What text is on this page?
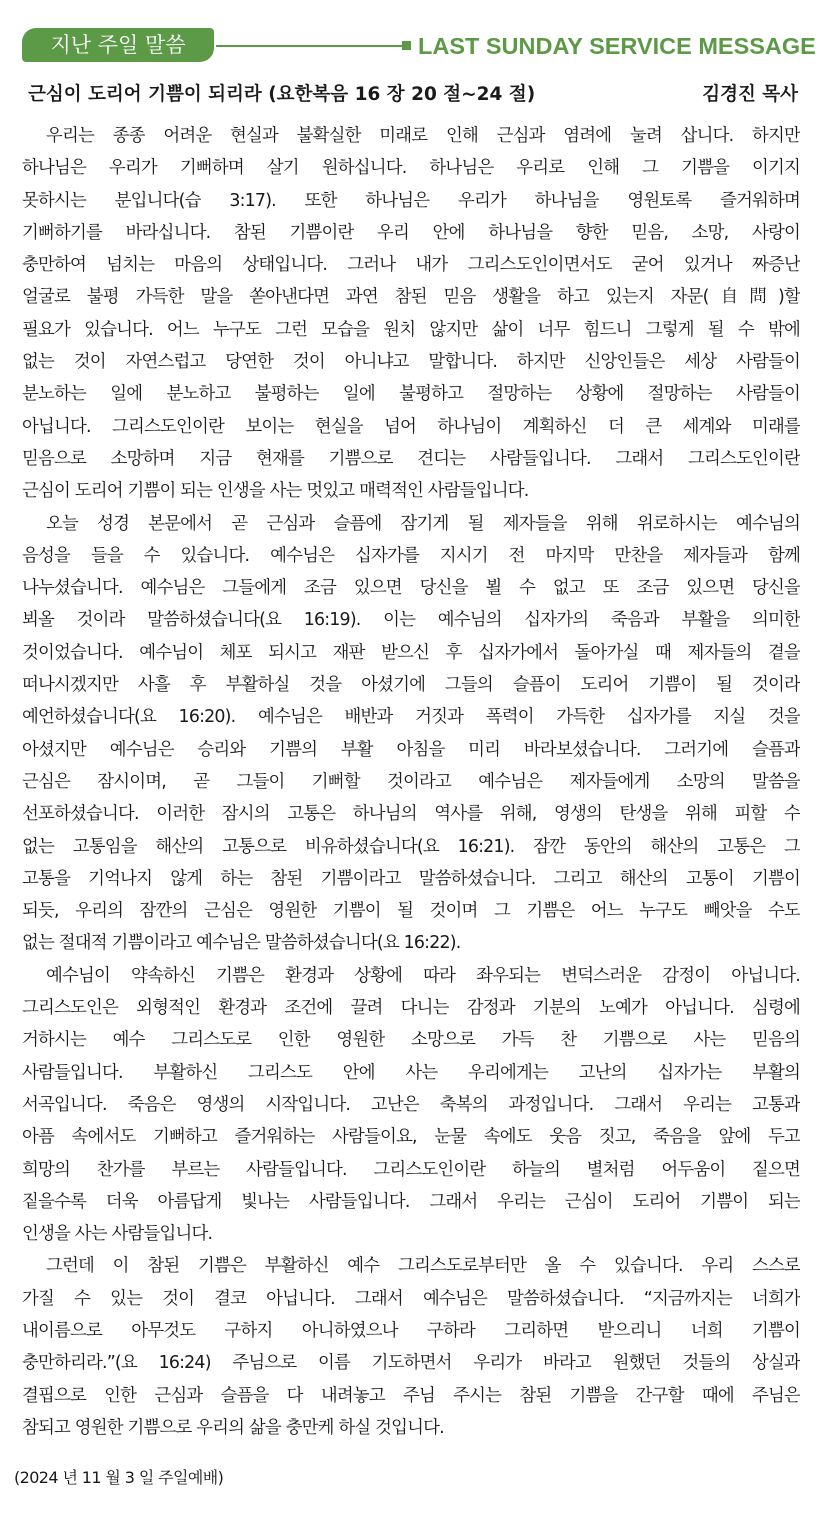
지난 주일 말씀	LAST SUNDAY SERVICE MESSAGE
근심이 도리어 기쁨이 되리라 (요한복음 16 장 20 절~24 절)	김경진 목사
우리는 종종 어려운 현실과 불확실한 미래로 인해 근심과 염려에 눌려 삽니다. 하지만
하나님은 우리가 기뻐하며 살기 원하십니다. 하나님은 우리로 인해 그 기쁨을 이기지
못하시는 분입니다(습 3:17). 또한 하나님은 우리가 하나님을 영원토록 즐거워하며
기뻐하기를 바라십니다. 참된 기쁨이란 우리 안에 하나님을 향한 믿음, 소망, 사랑이
충만하여 넘치는 마음의 상태입니다. 그러나 내가 그리스도인이면서도 굳어 있거나 짜증난
얼굴로 불평 가득한 말을 쏟아낸다면 과연 참된 믿음 생활을 하고 있는지 자문(自問)할
필요가 있습니다. 어느 누구도 그런 모습을 원치 않지만 삶이 너무 힘드니 그렇게 될 수 밖에
없는 것이 자연스럽고 당연한 것이 아니냐고 말합니다. 하지만 신앙인들은 세상 사람들이
분노하는 일에 분노하고 불평하는 일에 불평하고 절망하는 상황에 절망하는 사람들이
아닙니다. 그리스도인이란 보이는 현실을 넘어 하나님이 계획하신 더 큰 세계와 미래를
믿음으로 소망하며 지금 현재를 기쁨으로 견디는 사람들입니다. 그래서 그리스도인이란
근심이 도리어 기쁨이 되는 인생을 사는 멋있고 매력적인 사람들입니다.
오늘 성경 본문에서 곧 근심과 슬픔에 잠기게 될 제자들을 위해 위로하시는 예수님의
음성을 들을 수 있습니다. 예수님은 십자가를 지시기 전 마지막 만찬을 제자들과 함께
나누셨습니다. 예수님은 그들에게 조금 있으면 당신을 뵐 수 없고 또 조금 있으면 당신을
뵈올 것이라 말씀하셨습니다(요 16:19). 이는 예수님의 십자가의 죽음과 부활을 의미한
것이었습니다. 예수님이 체포 되시고 재판 받으신 후 십자가에서 돌아가실 때 제자들의 곁을
떠나시겠지만 사흘 후 부활하실 것을 아셨기에 그들의 슬픔이 도리어 기쁨이 될 것이라
예언하셨습니다(요 16:20). 예수님은 배반과 거짓과 폭력이 가득한 십자가를 지실 것을
아셨지만 예수님은 승리와 기쁨의 부활 아침을 미리 바라보셨습니다. 그러기에 슬픔과
근심은 잠시이며, 곧 그들이 기뻐할 것이라고 예수님은 제자들에게 소망의 말씀을
선포하셨습니다. 이러한 잠시의 고통은 하나님의 역사를 위해, 영생의 탄생을 위해 피할 수
없는 고통임을 해산의 고통으로 비유하셨습니다(요 16:21). 잠깐 동안의 해산의 고통은 그
고통을 기억나지 않게 하는 참된 기쁨이라고 말씀하셨습니다. 그리고 해산의 고통이 기쁨이
되듯, 우리의 잠깐의 근심은 영원한 기쁨이 될 것이며 그 기쁨은 어느 누구도 빼앗을 수도
없는 절대적 기쁨이라고 예수님은 말씀하셨습니다(요 16:22).
예수님이 약속하신 기쁨은 환경과 상황에 따라 좌우되는 변덕스러운 감정이 아닙니다.
그리스도인은 외형적인 환경과 조건에 끌려 다니는 감정과 기분의 노예가 아닙니다. 심령에
거하시는 예수 그리스도로 인한 영원한 소망으로 가득 찬 기쁨으로 사는 믿음의
사람들입니다. 부활하신 그리스도 안에 사는 우리에게는 고난의 십자가는 부활의
서곡입니다. 죽음은 영생의 시작입니다. 고난은 축복의 과정입니다. 그래서 우리는 고통과
아픔 속에서도 기뻐하고 즐거워하는 사람들이요, 눈물 속에도 웃음 짓고, 죽음을 앞에 두고
희망의 찬가를 부르는 사람들입니다. 그리스도인이란 하늘의 별처럼 어두움이 짙으면
짙을수록 더욱 아름답게 빛나는 사람들입니다. 그래서 우리는 근심이 도리어 기쁨이 되는
인생을 사는 사람들입니다.
그런데 이 참된 기쁨은 부활하신 예수 그리스도로부터만 올 수 있습니다. 우리 스스로
가질 수 있는 것이 결코 아닙니다. 그래서 예수님은 말씀하셨습니다. “지금까지는 너희가
내이름으로 아무것도 구하지 아니하였으나 구하라 그리하면 받으리니 너희 기쁨이
충만하리라.”(요 16:24) 주님으로 이름 기도하면서 우리가 바라고 원했던 것들의 상실과
결핍으로 인한 근심과 슬픔을 다 내려놓고 주님 주시는 참된 기쁨을 간구할 때에 주님은
참되고 영원한 기쁨으로 우리의 삶을 충만케 하실 것입니다.
(2024 년 11 월 3 일 주일예배)
